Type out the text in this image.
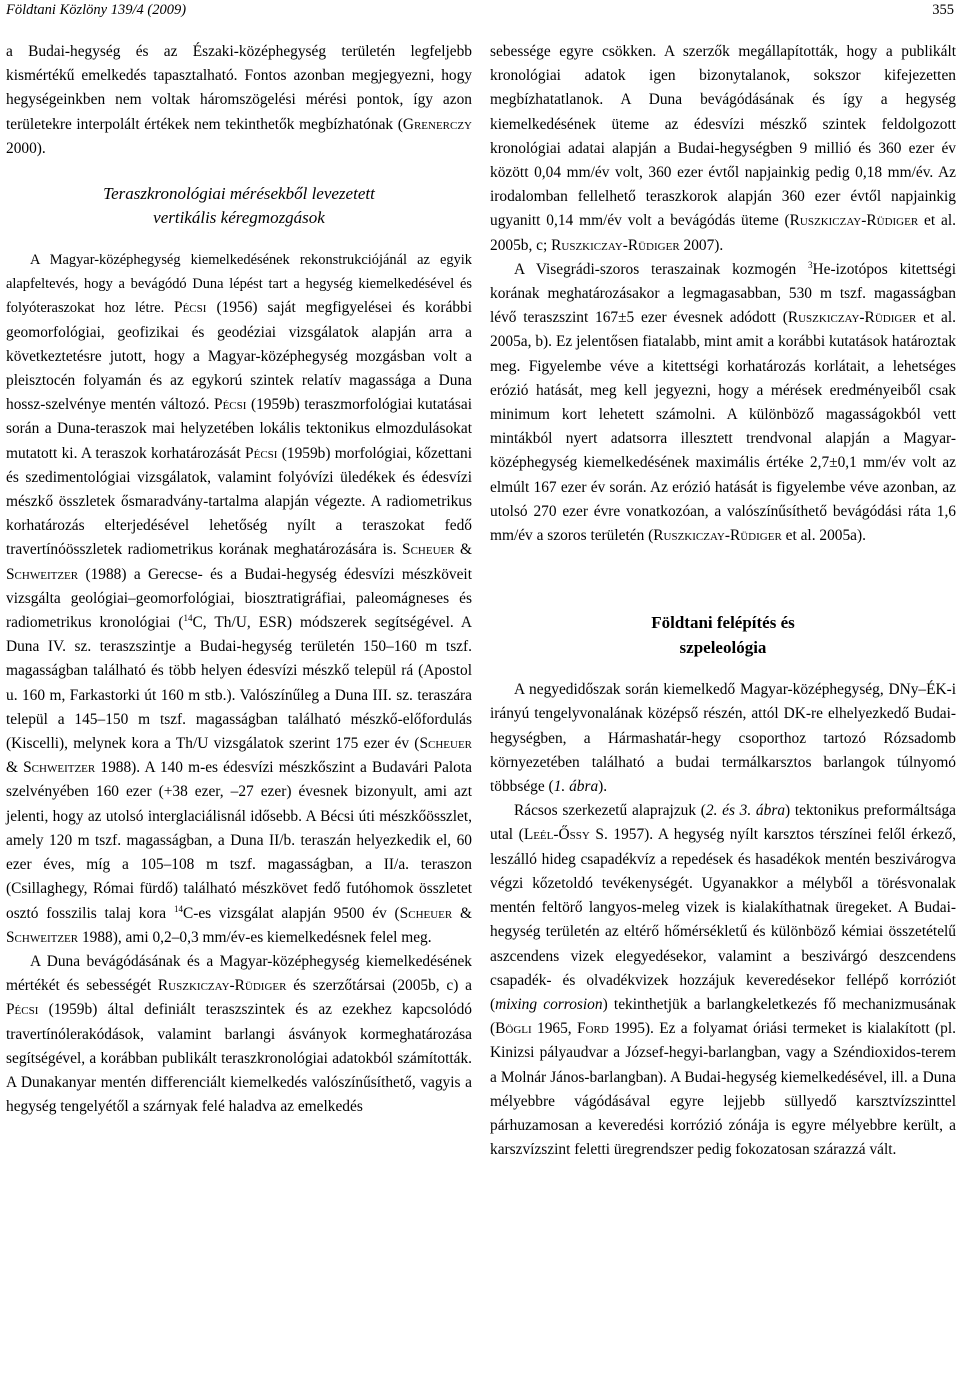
Földtani Közlöny 139/4 (2009)	355

a Budai-hegység és az Északi-középhegység területén legfeljebb kismértékű emelkedés tapasztalható. Fontos azonban megjegyezni, hogy hegységeinkben nem voltak háromszögelési mérési pontok, így azon területekre interpolált értékek nem tekinthetők megbízhatónak (Grenerczy 2000).

Teraszkronológiai mérésekből levezetett
vertikális kéregmozgások

A Magyar-középhegység kiemelkedésének rekonstrukciójánál az egyik alapfeltevés, hogy a bevágódó Duna lépést tart a hegység kiemelkedésével és folyóteraszokat hoz létre. Pécsi (1956) saját megfigyelései és korábbi geomorfológiai, geofizikai és geodéziai vizsgálatok alapján arra a következtetésre jutott, hogy a Magyar-középhegység mozgásban volt a pleisztocén folyamán és az egykorú szintek relatív magassága a Duna hossz-szelvénye mentén változó. Pécsi (1959b) teraszmorfológiai kutatásai során a Duna-teraszok mai helyzetében lokális tektonikus elmozdulásokat mutatott ki. A teraszok korhatározását Pécsi (1959b) morfológiai, kőzettani és szedimentológiai vizsgálatok, valamint folyóvízi üledékek és édesvízi mészkő összletek ősmaradvány-tartalma alapján végezte. A radiometrikus korhatározás elterjedésével lehetőség nyílt a teraszokat fedő travertínóösszletek radiometrikus korának meghatározására is. Scheuer & Schweitzer (1988) a Gerecse- és a Budai-hegység édesvízi mészköveit vizsgálta geológiai–geomorfológiai, biosztratigráfiai, paleomágneses és radiometrikus kronológiai ($^{14}$C, Th/U, ESR) módszerek segítségével. A Duna IV. sz. teraszszintje a Budai-hegység területén 150–160 m tszf. magasságban található és több helyen édesvízi mészkő települ rá (Apostol u. 160 m, Farkastorki út 160 m stb.). Valószínűleg a Duna III. sz. teraszára települ a 145–150 m tszf. magasságban található mészkő-előfordulás (Kiscelli), melynek kora a Th/U vizsgálatok szerint 175 ezer év (Scheuer & Schweitzer 1988). A 140 m-es édesvízi mészkőszint a Budavári Palota szelvényében 160 ezer (+38 ezer, –27 ezer) évesnek bizonyult, ami azt jelenti, hogy az utolsó interglaciálisnál idősebb. A Bécsi úti mészkőösszlet, amely 120 m tszf. magasságban, a Duna II/b. teraszán helyezkedik el, 60 ezer éves, míg a 105–108 m tszf. magasságban, a II/a. teraszon (Csillaghegy, Római fürdő) található mészkövet fedő futóhomok összletet osztó fosszilis talaj kora $^{14}$C-es vizsgálat alapján 9500 év (Scheuer & Schweitzer 1988), ami 0,2–0,3 mm/év-es kiemelkedésnek felel meg.

A Duna bevágódásának és a Magyar-középhegység kiemelkedésének mértékét és sebességét Ruszkiczay-Rüdiger és szerzőtársai (2005b, c) a Pécsi (1959b) által definiált teraszszintek és az ezekhez kapcsolódó travertínólerakódások, valamint barlangi ásványok kormeghatározása segítségével, a korábban publikált teraszkronológiai adatokból számították. A Dunakanyar mentén differenciált kiemelkedés valószínűsíthető, vagyis a hegység tengelyétől a szárnyak felé haladva az emelkedés

sebessége egyre csökken. A szerzők megállapították, hogy a publikált kronológiai adatok igen bizonytalanok, sokszor kifejezetten megbízhatatlanok. A Duna bevágódásának és így a hegység kiemelkedésének üteme az édesvízi mészkő szintek feldolgozott kronológiai adatai alapján a Budai-hegységben 9 millió és 360 ezer év között 0,04 mm/év volt, 360 ezer évtől napjainkig pedig 0,18 mm/év. Az irodalomban fellelhető teraszkorok alapján 360 ezer évtől napjainkig ugyanitt 0,14 mm/év volt a bevágódás üteme (Ruszkiczay-Rüdiger et al. 2005b, c; Ruszkiczay-Rüdiger 2007).

A Visegrádi-szoros teraszainak kozmogén $^3$He-izotópos kitettségi korának meghatározásakor a legmagasabban, 530 m tszf. magasságban lévő teraszszint 167±5 ezer évesnek adódott (Ruszkiczay-Rüdiger et al. 2005a, b). Ez jelentősen fiatalabb, mint amit a korábbi kutatások határoztak meg. Figyelembe véve a kitettségi korhatározás korlátait, a lehetséges erózió hatását, meg kell jegyezni, hogy a mérések eredményeiből csak minimum kort lehetett számolni. A különböző magasságokból vett mintákból nyert adatsorra illesztett trendvonal alapján a Magyar-középhegység kiemelkedésének maximális értéke 2,7±0,1 mm/év volt az elmúlt 167 ezer év során. Az erózió hatását is figyelembe véve azonban, az utolsó 270 ezer évre vonatkozóan, a valószínűsíthető bevágódási ráta 1,6 mm/év a szoros területén (Ruszkiczay-Rüdiger et al. 2005a).

Földtani felépítés és
szpeleológia

A negyedidőszak során kiemelkedő Magyar-középhegység, DNy–ÉK-i irányú tengelyvonalának középső részén, attól DK-re elhelyezkedő Budai-hegységben, a Hármashatár-hegy csoporthoz tartozó Rózsadomb környezetében található a budai termálkarsztos barlangok túlnyomó többsége (1. ábra).

Rácsos szerkezetű alaprajzuk (2. és 3. ábra) tektonikus preformáltsága utal (Leél-Őssy S. 1957). A hegység nyílt karsztos térszínei felől érkező, leszálló hideg csapadékvíz a repedések és hasadékok mentén beszivárogva végzi kőzetoldó tevékenységét. Ugyanakkor a mélyből a törésvonalak mentén feltörő langyos-meleg vizek is kialakíthatnak üregeket. A Budai-hegység területén az eltérő hőmérsékletű és különböző kémiai összetételű aszcendens vizek elegyedésekor, valamint a beszivárgó deszcendens csapadék- és olvadékvizek hozzájuk keveredésekor fellépő korróziót (mixing corrosion) tekinthetjük a barlangkeletkezés fő mechanizmusának (Bögli 1965, Ford 1995). Ez a folyamat óriási termeket is kialakított (pl. Kinizsi pályaudvar a József-hegyi-barlangban, vagy a Széndioxidos-terem a Molnár János-barlangban). A Budai-hegység kiemelkedésével, ill. a Duna mélyebbre vágódásával egyre lejjebb süllyedő karsztvízszinttel párhuzamosan a keveredési korrózió zónája is egyre mélyebbre került, a karszvízszint feletti üregrendszer pedig fokozatosan szárazzá vált.
